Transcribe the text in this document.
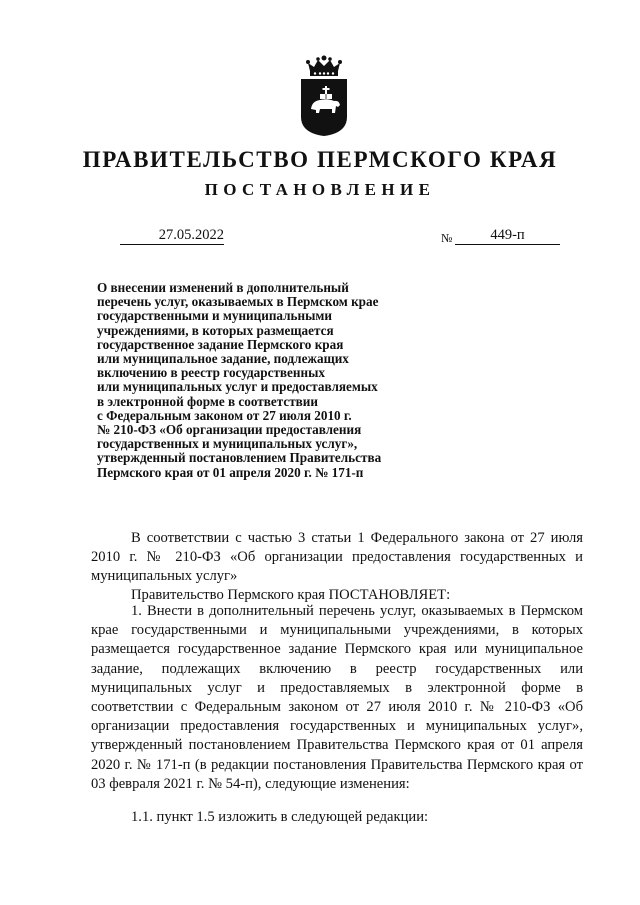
ПРАВИТЕЛЬСТВО ПЕРМСКОГО КРАЯ
ПОСТАНОВЛЕНИЕ
27.05.2022	№	449-п
О внесении изменений в дополнительный
перечень услуг, оказываемых в Пермском крае
государственными и муниципальными
учреждениями, в которых размещается
государственное задание Пермского края
или муниципальное задание, подлежащих
включению в реестр государственных
или муниципальных услуг и предоставляемых
в электронной форме в соответствии
с Федеральным законом от 27 июля 2010 г.
№ 210-ФЗ «Об организации предоставления
государственных и муниципальных услуг»,
утвержденный постановлением Правительства
Пермского края от 01 апреля 2020 г. № 171-п

В соответствии с частью 3 статьи 1 Федерального закона от 27 июля 2010 г. № 210-ФЗ «Об организации предоставления государственных и муниципальных услуг»

Правительство Пермского края ПОСТАНОВЛЯЕТ:

1. Внести в дополнительный перечень услуг, оказываемых в Пермском крае государственными и муниципальными учреждениями, в которых размещается государственное задание Пермского края или муниципальное задание, подлежащих включению в реестр государственных или муниципальных услуг и предоставляемых в электронной форме в соответствии с Федеральным законом от 27 июля 2010 г. № 210-ФЗ «Об организации предоставления государственных и муниципальных услуг», утвержденный постановлением Правительства Пермского края от 01 апреля 2020 г. № 171-п (в редакции постановления Правительства Пермского края от 03 февраля 2021 г. № 54-п), следующие изменения:

1.1. пункт 1.5 изложить в следующей редакции:
